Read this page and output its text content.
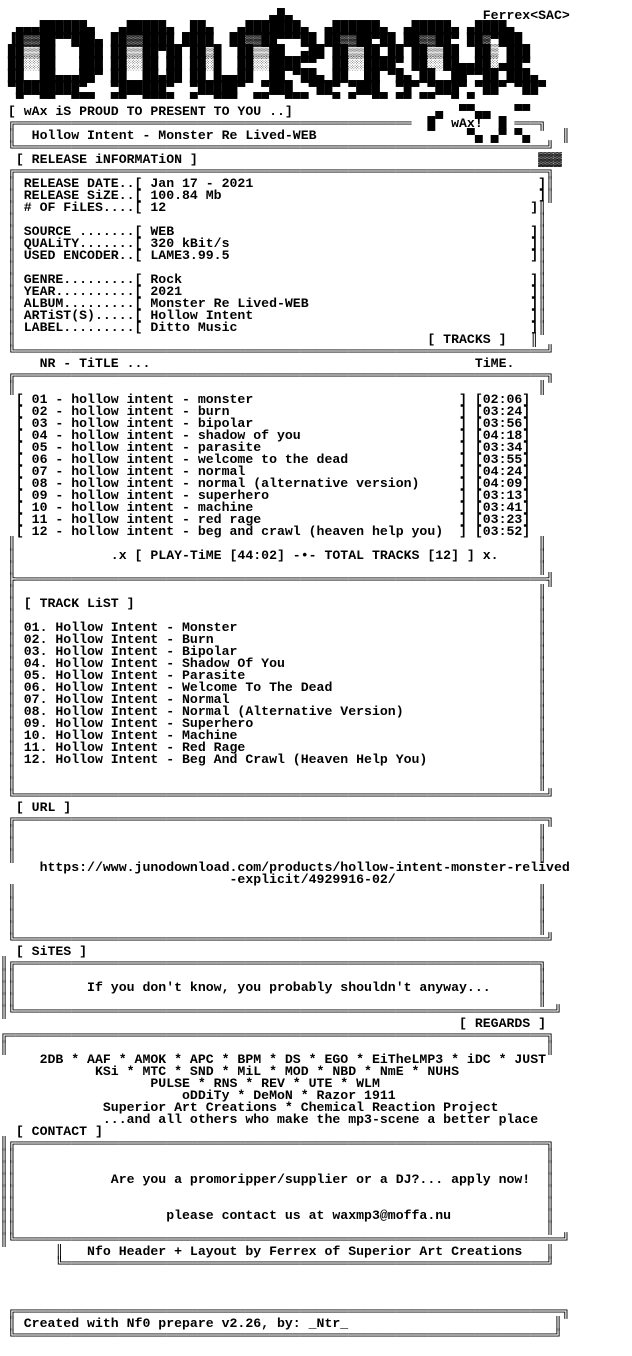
▄█▄                        Ferrex<SAC>
▄▄▄██████▄   ▄█████▄  ██▄   ▄███████▄  ▄██████▄  ▄█████▄ ▄████▄
▐█▓▓██▀▀███▄ ██▓▓████ ████  ██▓▓██▀▀▀██ ██▓▓██▀██ ██▓▓██▀ ██▓▀███
██▒▒██   ███ ██▒▒██▀██ ██▒█  ██▒▒██  ▄██ ██▒▒██ ██ ██▒▒██  ██▒ ███
██░░██   ███ ██░░██ ██ ██░█  ██░░████▀▀  ██░░████▀ ██░░██▄▄██░▄██▀
██  ██▄▄▄██▀ ██  ██▄██ ██ █▄▄██  ██ ▀██▄ ██  ██ ▀█▄ ██  ██▀▀██ ███▄
▀████████▀   ▀██████▀  ▀█████▀  ▀███  ▀██▀ ▀███  ▀█▀ ▀███▀ ▀██▀ ▀██▀
▀  ▀▀  ▀▀▀  ▀▀  ▀▀▀▀  ▀  ▀▀▀  ▀▀  ▀▀▀   ▀ ▀  ▀▀ ▀▀ ▀▀  ▀ ▀
[ wAx iS PROUD TO PRESENT TO YOU ..]                  ▄  ▀▀▄▄   ▀▀
╔══════════════════════════════════════════════════  █  wAx!  █ ═══╗
║  Hollow Intent - Monster Re Lived-WEB                   ▀▄ ▄▀ ▀▄    ║
╚═══════════════════════════════════════════════════════════════════╝
[ RELEASE iNFORMATiON ]                                           ▓▓▓
╔═══════════════════════════════════════════════════════════════════╗
║ RELEASE DATE..[ Jan 17 - 2021                                    ]║
║ RELEASE SiZE..[ 100.84 Mb                                        ]║
║ # OF FiLES....[ 12                                              ]║
║                                                                  ║
║ SOURCE .......[ WEB                                             ]║
║ QUALiTY.......[ 320 kBit/s                                      ]║
║ USED ENCODER..[ LAME3.99.5                                      ]║
║                                                                  ║
║ GENRE.........[ Rock                                            ]║
║ YEAR..........[ 2021                                            ]║
║ ALBUM.........[ Monster Re Lived-WEB                            ]║
║ ARTiST(S).....[ Hollow Intent                                   ]║
║ LABEL.........[ Ditto Music                                     ]║
║                                                    [ TRACKS ]   ║
╚═══════════════════════════════════════════════════════════════════╝
NR - TiTLE ...                                         TiME.
╔═══════════════════════════════════════════════════════════════════╗
║                                                                  ║
[ 01 - hollow intent - monster                          ] [02:06]
[ 02 - hollow intent - burn                             ] [03:24]
[ 03 - hollow intent - bipolar                          ] [03:56]
[ 04 - hollow intent - shadow of you                    ] [04:18]
[ 05 - hollow intent - parasite                         ] [03:34]
[ 06 - hollow intent - welcome to the dead              ] [03:55]
[ 07 - hollow intent - normal                           ] [04:24]
[ 08 - hollow intent - normal (alternative version)     ] [04:09]
[ 09 - hollow intent - superhero                        ] [03:13]
[ 10 - hollow intent - machine                          ] [03:41]
[ 11 - hollow intent - red rage                         ] [03:23]
[ 12 - hollow intent - beg and crawl (heaven help you)  ] [03:52]
║                                                                  ║
║            .x [ PLAY-TiME [44:02] -•- TOTAL TRACKS [12] ] x.     ║
║                                                                  ║
╠═══════════════════════════════════════════════════════════════════╣
║                                                                  ║
║ [ TRACK LiST ]                                                   ║
║                                                                  ║
║ 01. Hollow Intent - Monster                                      ║
║ 02. Hollow Intent - Burn                                         ║
║ 03. Hollow Intent - Bipolar                                      ║
║ 04. Hollow Intent - Shadow Of You                                ║
║ 05. Hollow Intent - Parasite                                     ║
║ 06. Hollow Intent - Welcome To The Dead                          ║
║ 07. Hollow Intent - Normal                                       ║
║ 08. Hollow Intent - Normal (Alternative Version)                 ║
║ 09. Hollow Intent - Superhero                                    ║
║ 10. Hollow Intent - Machine                                      ║
║ 11. Hollow Intent - Red Rage                                     ║
║ 12. Hollow Intent - Beg And Crawl (Heaven Help You)              ║
║                                                                  ║
║                                                                  ║
╚═══════════════════════════════════════════════════════════════════╝
[ URL ]
╔═══════════════════════════════════════════════════════════════════╗
║                                                                  ║
║                                                                  ║
║                                                                  ║
https://www.junodownload.com/products/hollow-intent-monster-relived
-explicit/4929916-02/
║                                                                  ║
║                                                                  ║
║                                                                  ║
║                                                                  ║
╚═══════════════════════════════════════════════════════════════════╝
[ SiTES ]
║╔══════════════════════════════════════════════════════════════════╗
║║                                                                  ║
║║         If you don't know, you probably shouldn't anyway...      ║
║║                                                                  ║
║╚════════════════════════════════════════════════════════════════════╝
[ REGARDS ]
╔════════════════════════════════════════════════════════════════════╗
║                                                                    ║
2DB * AAF * AMOK * APC * BPM * DS * EGO * EiTheLMP3 * iDC * JUST
KSi * MTC * SND * MiL * MOD * NBD * NmE * NUHS
PULSE * RNS * REV * UTE * WLM
oDDiTy * DeMoN * Razor 1911
Superior Art Creations * Chemical Reaction Project
...and all others who make the mp3-scene a better place
[ CONTACT ]
║╔═══════════════════════════════════════════════════════════════════╗
║║                                                                   ║
║║                                                                   ║
║║            Are you a promoripper/supplier or a DJ?... apply now!  ║
║║                                                                   ║
║║                                                                   ║
║║                   please contact us at waxmp3@moffa.nu            ║
║║                                                                   ║
║╚═════════════════════════════════════════════════════════════════════╝
║   Nfo Header + Layout by Ferrex of Superior Art Creations   ║
╚═════════════════════════════════════════════════════════════╝

╔═════════════════════════════════════════════════════════════════════╗
║ Created with Nf0 prepare v2.26, by: _Ntr_                          ║
╚════════════════════════════════════════════════════════════════════╝
